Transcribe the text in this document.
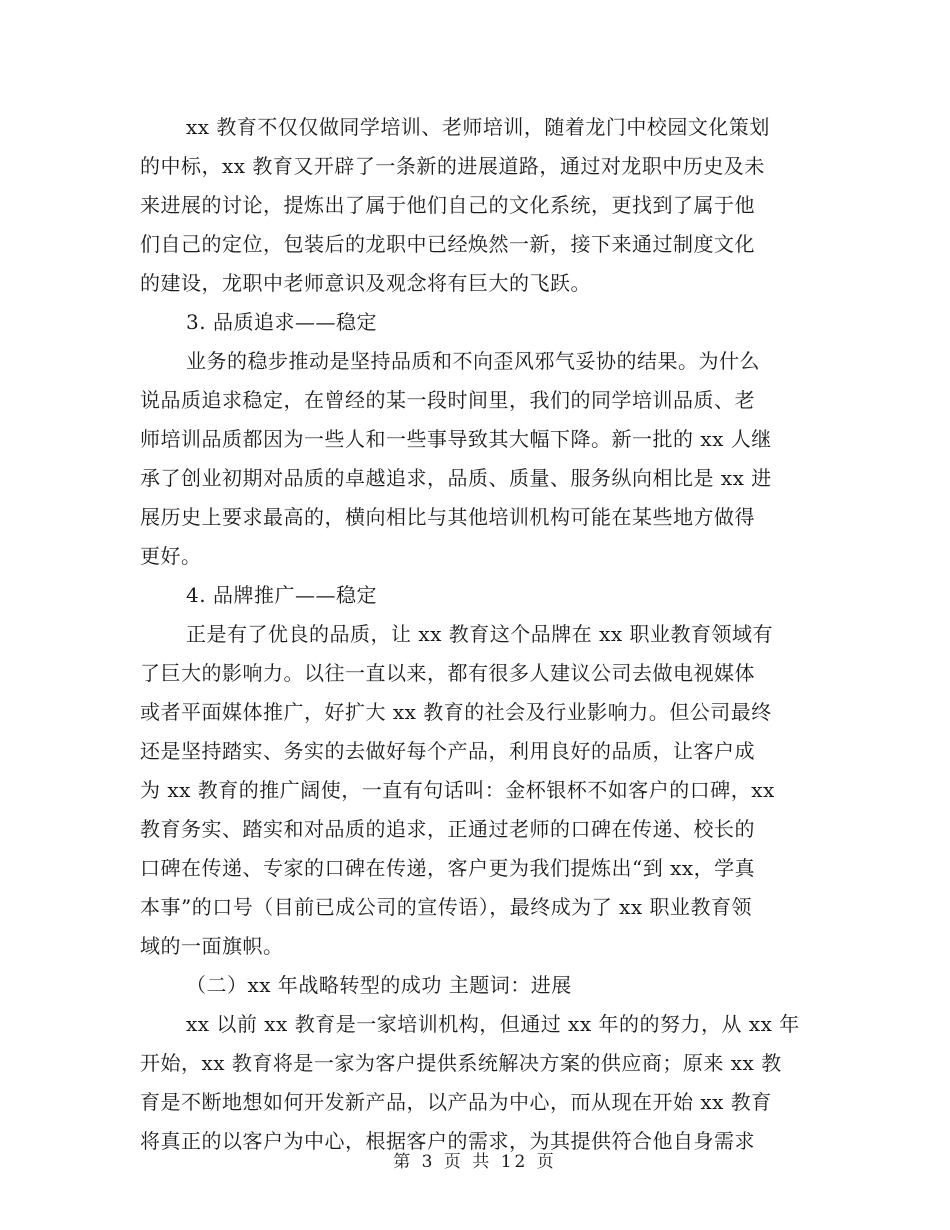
xx 教育不仅仅做同学培训、老师培训，随着龙门中校园文化策划
的中标，xx 教育又开辟了一条新的进展道路，通过对龙职中历史及未
来进展的讨论，提炼出了属于他们自己的文化系统，更找到了属于他
们自己的定位，包装后的龙职中已经焕然一新，接下来通过制度文化
的建设，龙职中老师意识及观念将有巨大的飞跃。
3. 品质追求——稳定
业务的稳步推动是坚持品质和不向歪风邪气妥协的结果。为什么
说品质追求稳定，在曾经的某一段时间里，我们的同学培训品质、老
师培训品质都因为一些人和一些事导致其大幅下降。新一批的 xx 人继
承了创业初期对品质的卓越追求，品质、质量、服务纵向相比是 xx 进
展历史上要求最高的，横向相比与其他培训机构可能在某些地方做得
更好。
4. 品牌推广——稳定
正是有了优良的品质，让 xx 教育这个品牌在 xx 职业教育领域有
了巨大的影响力。以往一直以来，都有很多人建议公司去做电视媒体
或者平面媒体推广，好扩大 xx 教育的社会及行业影响力。但公司最终
还是坚持踏实、务实的去做好每个产品，利用良好的品质，让客户成
为 xx 教育的推广阔使，一直有句话叫：金杯银杯不如客户的口碑，xx
教育务实、踏实和对品质的追求，正通过老师的口碑在传递、校长的
口碑在传递、专家的口碑在传递，客户更为我们提炼出“到 xx，学真
本事”的口号（目前已成公司的宣传语），最终成为了 xx 职业教育领
域的一面旗帜。
（二）xx 年战略转型的成功 主题词：进展
xx 以前 xx 教育是一家培训机构，但通过 xx 年的的努力，从 xx 年
开始，xx 教育将是一家为客户提供系统解决方案的供应商；原来 xx 教
育是不断地想如何开发新产品，以产品为中心，而从现在开始 xx 教育
将真正的以客户为中心，根据客户的需求，为其提供符合他自身需求
第 3 页 共 12 页
